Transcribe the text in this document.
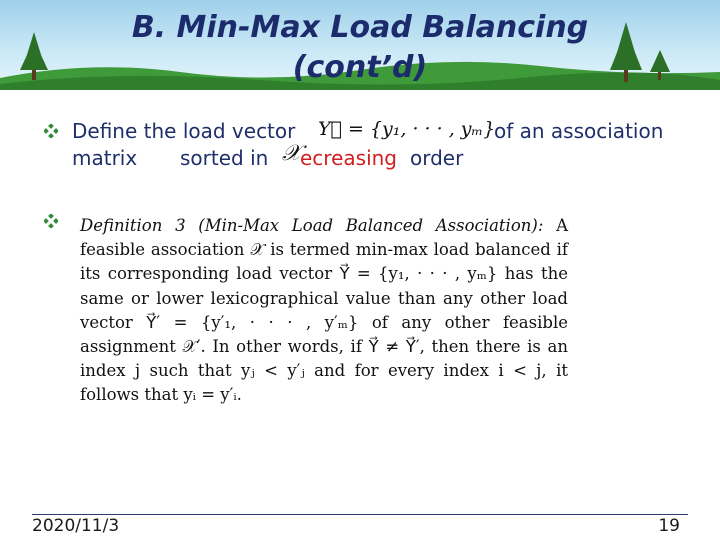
B. Min-Max Load Balancing
(cont’d)
Define the load vector Y⃗ = {y₁, · · · , yₘ}
of an association
matrix sorted in 𝒳 ecreasing order
Definition 3 (Min-Max Load Balanced Association): A feasible association 𝒳 is termed min-max load balanced if its corresponding load vector Y⃗ = {y₁, · · · , yₘ} has the same or lower lexicographical value than any other load vector Y⃗′ = {y′₁, · · · , y′ₘ} of any other feasible assignment 𝒳′. In other words, if Y⃗ ≠ Y⃗′, then there is an index j such that yⱼ < y′ⱼ and for every index i < j, it follows that yᵢ = y′ᵢ.
2020/11/3	19
